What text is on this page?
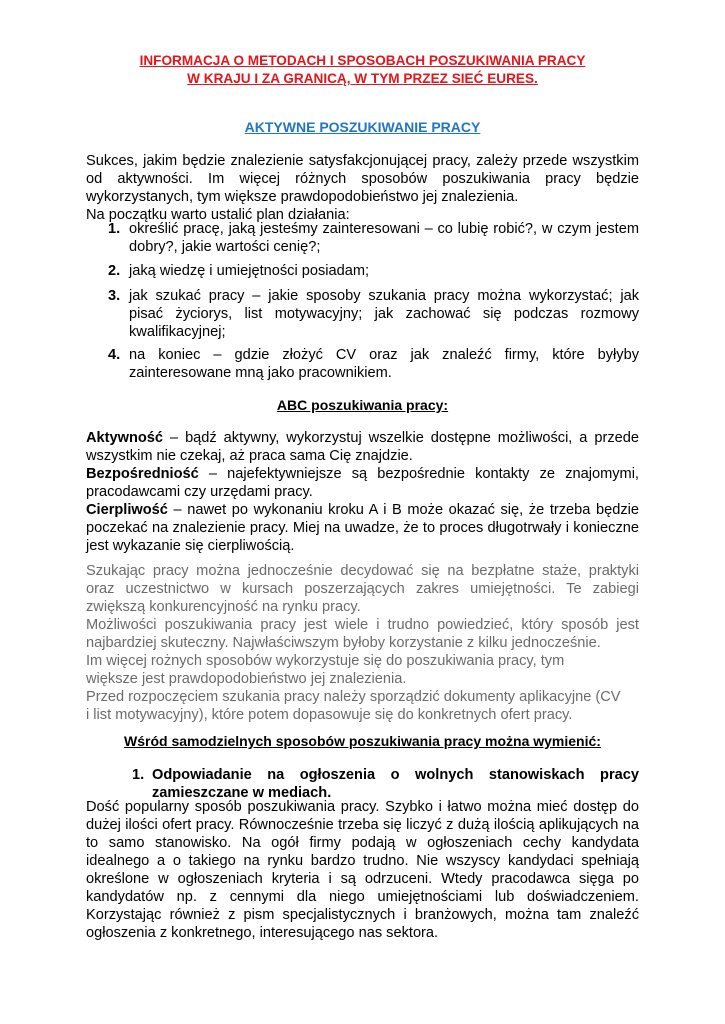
INFORMACJA O METODACH I SPOSOBACH POSZUKIWANIA PRACY
W KRAJU I ZA GRANICĄ, W TYM PRZEZ SIEĆ EURES.
AKTYWNE POSZUKIWANIE PRACY
Sukces, jakim będzie znalezienie satysfakcjonującej pracy, zależy przede wszystkim
od aktywności. Im więcej różnych sposobów poszukiwania pracy będzie
wykorzystanych, tym większe prawdopodobieństwo jej znalezienia.
Na początku warto ustalić plan działania:
1. określić pracę, jaką jesteśmy zainteresowani – co lubię robić?, w czym jestem
dobry?, jakie wartości cenię?;
2. jaką wiedzę i umiejętności posiadam;
3. jak szukać pracy – jakie sposoby szukania pracy można wykorzystać; jak
pisać życiorys, list motywacyjny; jak zachować się podczas rozmowy
kwalifikacyjnej;
4. na koniec – gdzie złożyć CV oraz jak znaleźć firmy, które byłyby
zainteresowane mną jako pracownikiem.
ABC poszukiwania pracy:
Aktywność – bądź aktywny, wykorzystuj wszelkie dostępne możliwości, a przede
wszystkim nie czekaj, aż praca sama Cię znajdzie.
Bezpośredniość – najefektywniejsze są bezpośrednie kontakty ze znajomymi,
pracodawcami czy urzędami pracy.
Cierpliwość – nawet po wykonaniu kroku A i B może okazać się, że trzeba będzie
poczekać na znalezienie pracy. Miej na uwadze, że to proces długotrwały i konieczne
jest wykazanie się cierpliwością.
Szukając pracy można jednocześnie decydować się na bezpłatne staże, praktyki
oraz uczestnictwo w kursach poszerzających zakres umiejętności. Te zabiegi
zwiększą konkurencyjność na rynku pracy.
Możliwości poszukiwania pracy jest wiele i trudno powiedzieć, który sposób jest
najbardziej skuteczny. Najwłaściwszym byłoby korzystanie z kilku jednocześnie.
Im więcej rożnych sposobów wykorzystuje się do poszukiwania pracy, tym
większe jest prawdopodobieństwo jej znalezienia.
Przed rozpoczęciem szukania pracy należy sporządzić dokumenty aplikacyjne (CV
i list motywacyjny), które potem dopasowuje się do konkretnych ofert pracy.
Wśród samodzielnych sposobów poszukiwania pracy można wymienić:
1. Odpowiadanie na ogłoszenia o wolnych stanowiskach pracy
zamieszczane w mediach.
Dość popularny sposób poszukiwania pracy. Szybko i łatwo można mieć dostęp do
dużej ilości ofert pracy. Równocześnie trzeba się liczyć z dużą ilością aplikujących na
to samo stanowisko. Na ogół firmy podają w ogłoszeniach cechy kandydata
idealnego a o takiego na rynku bardzo trudno. Nie wszyscy kandydaci spełniają
określone w ogłoszeniach kryteria i są odrzuceni. Wtedy pracodawca sięga po
kandydatów np. z cennymi dla niego umiejętnościami lub doświadczeniem.
Korzystając również z pism specjalistycznych i branżowych, można tam znaleźć
ogłoszenia z konkretnego, interesującego nas sektora.
